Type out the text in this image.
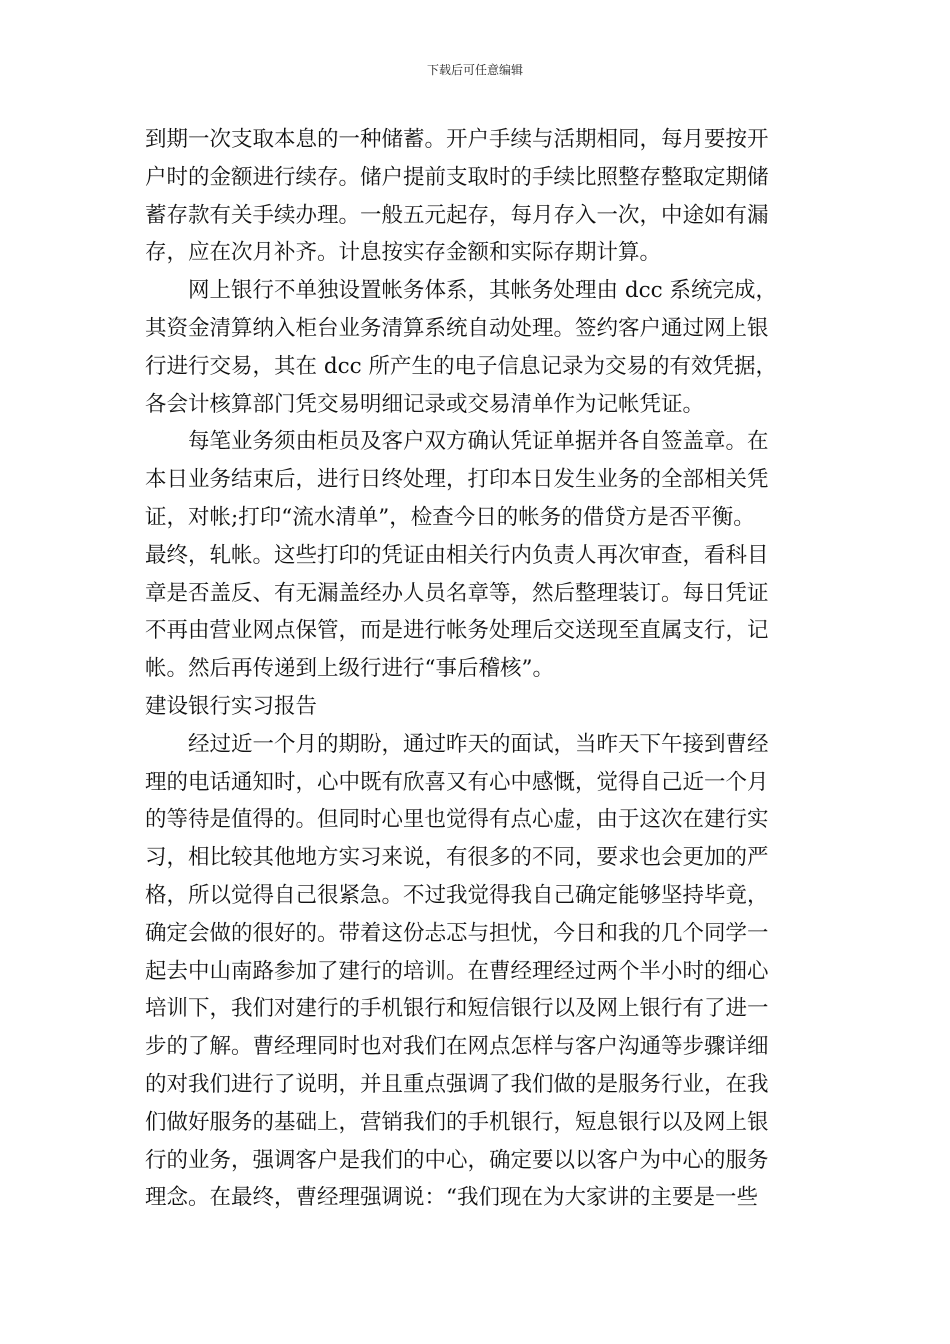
下载后可任意编辑
到期一次支取本息的一种储蓄。开户手续与活期相同，每月要按开
户时的金额进行续存。储户提前支取时的手续比照整存整取定期储
蓄存款有关手续办理。一般五元起存，每月存入一次，中途如有漏
存，应在次月补齐。计息按实存金额和实际存期计算。
网上银行不单独设置帐务体系，其帐务处理由 dcc 系统完成，
其资金清算纳入柜台业务清算系统自动处理。签约客户通过网上银
行进行交易，其在 dcc 所产生的电子信息记录为交易的有效凭据，
各会计核算部门凭交易明细记录或交易清单作为记帐凭证。
每笔业务须由柜员及客户双方确认凭证单据并各自签盖章。在
本日业务结束后，进行日终处理，打印本日发生业务的全部相关凭
证，对帐;打印“流水清单”，检查今日的帐务的借贷方是否平衡。
最终，轧帐。这些打印的凭证由相关行内负责人再次审查，看科目
章是否盖反、有无漏盖经办人员名章等，然后整理装订。每日凭证
不再由营业网点保管，而是进行帐务处理后交送现至直属支行，记
帐。然后再传递到上级行进行“事后稽核”。
建设银行实习报告
经过近一个月的期盼，通过昨天的面试，当昨天下午接到曹经
理的电话通知时，心中既有欣喜又有心中感慨，觉得自己近一个月
的等待是值得的。但同时心里也觉得有点心虚，由于这次在建行实
习，相比较其他地方实习来说，有很多的不同，要求也会更加的严
格，所以觉得自己很紧急。不过我觉得我自己确定能够坚持毕竟，
确定会做的很好的。带着这份忐忑与担忧，今日和我的几个同学一
起去中山南路参加了建行的培训。在曹经理经过两个半小时的细心
培训下，我们对建行的手机银行和短信银行以及网上银行有了进一
步的了解。曹经理同时也对我们在网点怎样与客户沟通等步骤详细
的对我们进行了说明，并且重点强调了我们做的是服务行业，在我
们做好服务的基础上，营销我们的手机银行，短息银行以及网上银
行的业务，强调客户是我们的中心，确定要以以客户为中心的服务
理念。在最终，曹经理强调说：“我们现在为大家讲的主要是一些
